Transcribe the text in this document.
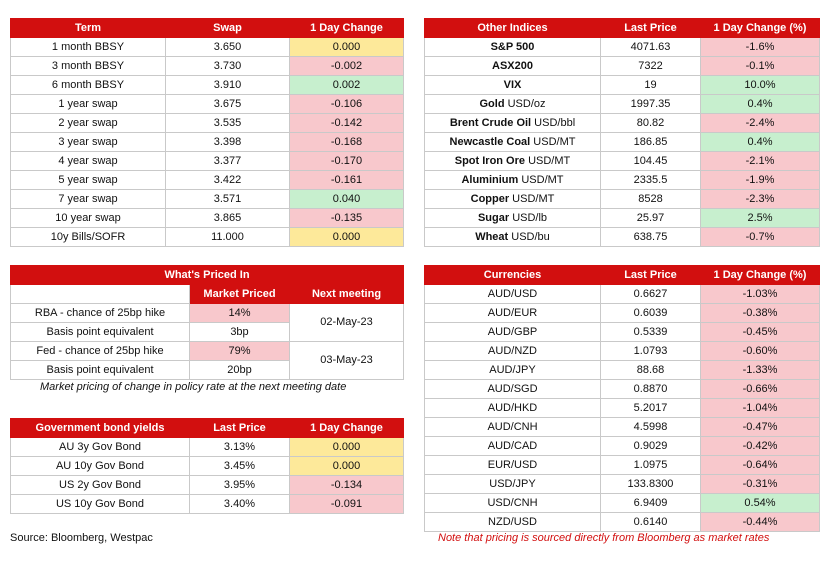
Term	Swap	1 Day Change
1 month BBSY	3.650	0.000
3 month BBSY	3.730	-0.002
6 month BBSY	3.910	0.002
1 year swap	3.675	-0.106
2 year swap	3.535	-0.142
3 year swap	3.398	-0.168
4 year swap	3.377	-0.170
5 year swap	3.422	-0.161
7 year swap	3.571	0.040
10 year swap	3.865	-0.135
10y Bills/SOFR	11.000	0.000
Other Indices	Last Price	1 Day Change (%)
S&P 500	4071.63	-1.6%
ASX200	7322	-0.1%
VIX	19	10.0%
Gold USD/oz	1997.35	0.4%
Brent Crude Oil USD/bbl	80.82	-2.4%
Newcastle Coal USD/MT	186.85	0.4%
Spot Iron Ore USD/MT	104.45	-2.1%
Aluminium USD/MT	2335.5	-1.9%
Copper USD/MT	8528	-2.3%
Sugar USD/lb	25.97	2.5%
Wheat USD/bu	638.75	-0.7%
What's Priced In		
	Market Priced	Next meeting
RBA - chance of 25bp hike	14%	02-May-23
Basis point equivalent	3bp	
Fed - chance of 25bp hike	79%	03-May-23
Basis point equivalent	20bp	
Market pricing of change in policy rate at the next meeting date
Government bond yields	Last Price	1 Day Change
AU 3y Gov Bond	3.13%	0.000
AU 10y Gov Bond	3.45%	0.000
US 2y Gov Bond	3.95%	-0.134
US 10y Gov Bond	3.40%	-0.091
Currencies	Last Price	1 Day Change (%)
AUD/USD	0.6627	-1.03%
AUD/EUR	0.6039	-0.38%
AUD/GBP	0.5339	-0.45%
AUD/NZD	1.0793	-0.60%
AUD/JPY	88.68	-1.33%
AUD/SGD	0.8870	-0.66%
AUD/HKD	5.2017	-1.04%
AUD/CNH	4.5998	-0.47%
AUD/CAD	0.9029	-0.42%
EUR/USD	1.0975	-0.64%
USD/JPY	133.8300	-0.31%
USD/CNH	6.9409	0.54%
NZD/USD	0.6140	-0.44%
Source: Bloomberg, Westpac	Note that pricing is sourced directly from Bloomberg as market rates
